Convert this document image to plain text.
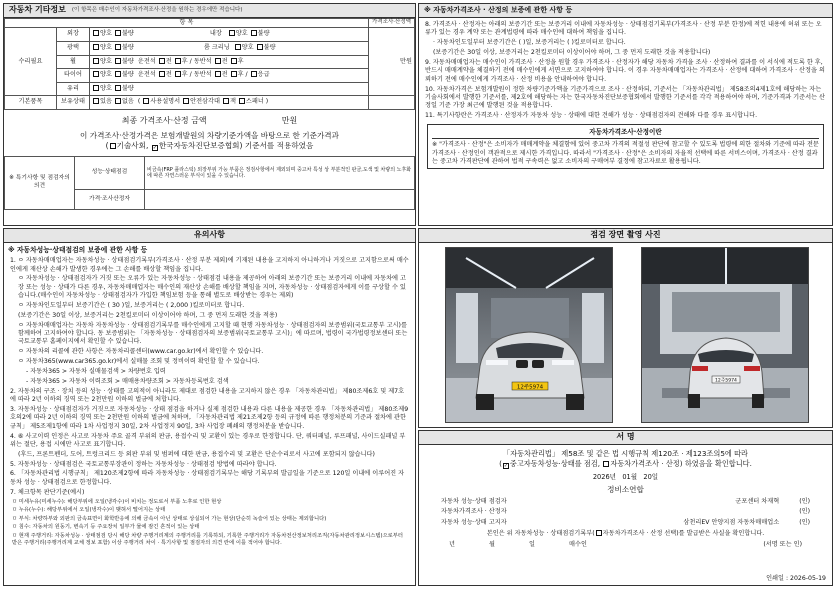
자동차 기타정보 (이 항목은 매수인이 자동차가격조사·산정을 원하는 경우에만 적습니다)
항 목			가격조사·산정액
수리필요	외장	양호 불량 내장 양호 불량	만원
	광택	양호 불량 룸 크리닝 양호 불량	
	휠	양호 불량 운전석 전 후 / 동반석 전 후	
	타이어	양호 불량 운전석 전 후 / 동반석 전 후 / 응급	
	유리	양호 불량	
기본품목	보유상태	있음 없음  ( 사용설명서 안전삼각대 잭 스패너 )	
최종 가격조사·산정 금액	만원
이 가격조사·산정가격은 보험개발원의 차량기준가액을 바탕으로 한 기준가격과
( 기술사회, ✓ 한국자동차진단보증협회) 기준서를 적용하였음
※ 특기사항 및 점검자의 의견	성능·상태점검	비금속(FRP 플라스틱) 외장부위 가능 부품은 정검사항에서 제외되며 중고차 특성 상 부분적인 판금,도색 및 차량의 노후화에 따른 자연스러운 부식이 있을 수 있습니다.
	가격·조사산정자	
※ 자동차가격조사 · 산정의 보증에 관한 사항 등

8. 가격조사 · 산정자는 아래의 보증기간 또는 보증거리 이내에 자동차성능 · 상태점검기록부(가격조사 · 산정 부분 한정)에 적힌 내용에 허위 또는 오류가 있는 경우 계약 또는 관계법령에 따라 매수인에 대하여 책임을 집니다.

· 자동차인도일부터 보증기간은 ( )일, 보증거리는 ( )킬로미터로 합니다.

(보증기간은 30일 이상, 보증거리는 2천킬로미터 이상이어야 하며, 그 중 먼저 도래한 것을 적용합니다)

9. 자동차매매업자는 매수인이 가격조사 · 산정을 원할 경우 가격조사 · 산정자가 해당 자동차 가격을 조사 · 산정하여 결과를 이 서식에 적도록 한 후, 반드시 매매계약을 체결하기 전에 매수인에게 서면으로 고지하여야 합니다. 이 경우 자동차매매업자는 가격조사 · 산정에 대하여 가격조사 · 산정을 의뢰하기 전에 매수인에게 가격조사 · 산정 비용을 안내하여야 합니다.

10. 자동차가격은 보험개발원이 정한 차량기준가액을 기준가격으로 조사 · 산정하되, 기준서는 「자동차관리법」 제58조의4제1호에 해당하는 자는 기술사회에서 발행한 기준서를, 제2호에 해당하는 자는 한국자동차진단보증협회에서 발행한 기준서를 각각 적용하여야 하며, 기준가격과 기준서는 산정일 기준 가장 최근에 발행된 것을 적용합니다.

11. 특기사항란은 가격조사 · 산정자가 자동차 성능 · 상태에 대한 견해가 성능 · 상태점검자의 견해와 다를 경우 표시합니다.

자동차가격조사·산정이란

※ "가격조사 · 산정"은 소비자가 매매계약을 체결함에 있어 중고차 가격의 적절성 판단에 참고할 수 있도록 법령에 의한 절차와 기준에 따라 전문 가격조사 · 산정인이 객관적으로 제시한 가격입니다. 따라서 "가격조사 · 산정"은 소비자의 자율적 선택에 따른 서비스이며, 가격조사 · 산정 결과는 중고차 가격판단에 관하여 법적 구속력은 없고 소비자의 구매여부 결정에 참고자료로 활용됩니다.

유의사항
※ 자동차성능·상태점검의 보증에 관한 사항 등

1. ㅇ 자동차매매업자는 자동차성능 · 상태점검기록부(가격조사 · 산정 부분 제외)에 기재된 내용을 고지하지 아니하거나 거짓으로 고지함으로써 매수인에게 재산상 손해가 발생한 경우에는 그 손해를 배상할 책임을 집니다.

ㅇ 자동차성능 · 상태점검자가 거짓 또는 오류가 있는 자동차성능 · 상태점검 내용을 제공하여 아래의 보증기간 또는 보증거리 이내에 자동차에 고장 또는 성능 · 상태가 다른 경우, 자동차매매업자는 매수인의 재산상 손해를 배상할 책임을 지며, 자동차성능 · 상태점검자에게 이를 구상할 수 있습니다.(매수인이 자동차성능 · 상태점검자가 가입한 책임보험 등을 통해 별도로 배상받는 경우는 제외)

ㅇ 자동차인도일부터 보증기간은 ( 30 )일, 보증거리는 ( 2,000 )킬로미터로 합니다.

(보증기간은 30일 이상, 보증거리는 2천킬로미터 이상이어야 하며, 그 중 먼저 도래한 것을 적용)

ㅇ 자동차매매업자는 자동차 자동차성능 · 상태점검기록부를 매수인에게 고지할 때 현행 자동차성능 · 상태점검자의 보증범위(국토교통부 고시)를 함께하여 고지하여야 합니다. 동 보증범위는 「자동차성능 · 상태점검자의 보증범위(국토교통부 고시)」에 따르며, 법령이 국가법령정보센터 또는 국토교통부 홈페이지에서 확인할 수 있습니다.

ㅇ 자동차의 리콜에 관한 사항은 자동차리콜센터(www.car.go.kr)에서 확인할 수 있습니다.

ㅇ 자동차365(www.car365.go.kr)에서 실매물 조회 및 정비이력 확인할 할 수 있습니다.

- 자동차365 > 자동차 실매물검색 > 차량번호 입력

- 자동차365 > 자동차 이력조회 > 매매용차량조회 > 자동차등록번호 검색

2. 자동차의 구조 · 장치 등의 성능 · 상태를 고의적이 아니라도 제대로 점검한 내용을 고지하지 않은 경우 「자동차관리법」 제80조제6호 및 제7호에 따라 2년 이하의 징역 또는 2천만원 이하의 벌금에 처합니다.

3. 자동차성능 · 상태점검자가 거짓으로 자동차성능 · 상태 점검을 하거나 실제 점검한 내용과 다른 내용을 제공한 경우 「자동차관리법」 제80조제9호의2에 따라 2년 이하의 징역 또는 2천만원 이하의 벌금에 처하며, 「자동차관리법 제21조제2항 등의 규정에 따른 행정처분의 기준과 절차에 관한 규칙」 제5조제1항에 따라 1차 사업정지 30일, 2차 사업정지 90일, 3차 사업장 폐쇄의 행정처분을 받습니다.

4. ⑥ 사고이력 인정은 사고로 자동차 주요 골격 부위의 판금, 용접수리 및 교환이 있는 경우로 한정합니다. 단, 쿼터패널, 루프패널, 사이드실패널 부위는 절단, 용접 시에만 사고로 표기합니다.

(후드, 프론트펜더, 도어, 트렁크리드 등 외판 부위 및 범퍼에 대한 판금, 용접수리 및 교환은 단순수리로서 사고에 포함되지 않습니다)

5. 자동차성능 · 상태점검은 국토교통부장관이 정하는 자동차성능 · 상태점검 방법에 따라야 합니다.

6. 「자동차관리법 시행규칙」 제120조제2항에 따라 자동차성능 · 상태점검기록부는 해당 기록부의 발급일을 기준으로 120일 이내에 이루어진 자동차 성능 · 상태점검으로 한정합니다.

7. 체크항목 판단기준(예시)

ㅁ 미세누유(미세누수): 해당부위에 오일(냉각수)이 비치는 정도로서 부품 노후로 인한 현상

ㅁ 누유(누수): 해당부위에서 오일(냉각수)이 맺혀서 떨어지는 상태

ㅁ 부식: 차량하부와 외판의 금속표면이 화학반응에 의해 금속이 아닌 상태로 상실되어 가는 현상(단순히 녹슬어 있는 상태는 제외합니다)

ㅁ 침수: 자동차의 원동기, 변속기 등 주요장치 일부가 물에 잠긴 흔적이 있는 상태

ㅁ 현재 주행거리: 자동차성능 · 상태점검 당시 해당 차량 주행거리계의 주행거리를 기록하되, 기록한 주행거리가 자동차전산정보처리조직(자동차관리정보시스템)으로부터 받은 주행거리(주행거리계 교체 정보 포함) 이상 주행거리 차이 · 특기사항 및 점검자의 의견 란에 이를 적어야 합니다.

점검 장면 촬영 사진
12주5974
12주5974
서 명
「자동차관리법」 제58조 및 같은 법 시행규칙 제120조 · 제123조의5에 따라
( ✓ 중고자동차성능·상태를 점검, 자동차가격조사 · 산정) 하였음을 확인합니다.
2026년 01월 20일
정비소연합
자동차 성능·상태 점검자	군포센터 차재혁	(인)
자동차가격조사 · 산정자	(인)
자동차 성능·상태 고지자	삼천리EV 안양지점 자동차매매업소	(인)
본인은 위 자동차성능 · 상태점검기록부( 자동차가격조사 · 산정 선택)를 발급받은 사실을 확인합니다.
년	월	일	매수인	(서명 또는 인)
인쇄일 : 2026-05-19
